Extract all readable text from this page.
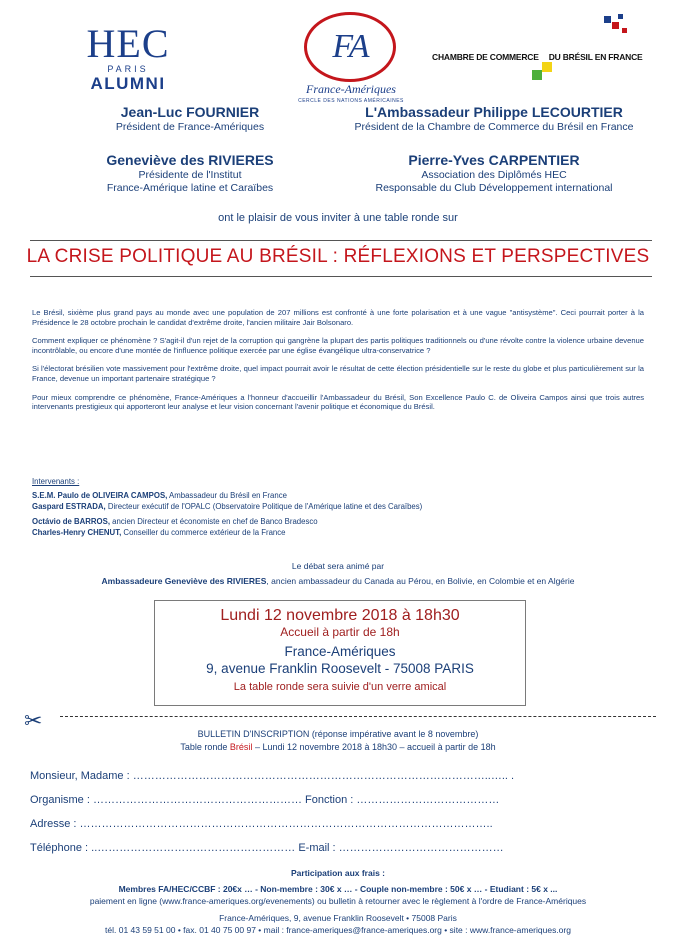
HEC
PARIS
ALUMNI
FA
France-Amériques
CERCLE DES NATIONS AMÉRICAINES
CHAMBRE DE COMMERCE DU BRÉSIL EN FRANCE
Jean-Luc FOURNIER
Président de France-Amériques
L'Ambassadeur Philippe LECOURTIER
Président de la Chambre de Commerce du Brésil en France
Geneviève des RIVIERES
Présidente de l'Institut
France-Amérique latine et Caraïbes
Pierre-Yves CARPENTIER
Association des Diplômés HEC
Responsable du Club Développement international
ont le plaisir de vous inviter à une table ronde sur
LA CRISE POLITIQUE AU BRÉSIL : RÉFLEXIONS ET PERSPECTIVES

Le Brésil, sixième plus grand pays au monde avec une population de 207 millions est confronté à une forte polarisation et à une vague "antisystème". Ceci pourrait porter à la Présidence le 28 octobre prochain le candidat d'extrême droite, l'ancien militaire Jair Bolsonaro.

Comment expliquer ce phénomène ? S'agit-il d'un rejet de la corruption qui gangrène la plupart des partis politiques traditionnels ou d'une révolte contre la violence urbaine devenue incontrôlable, ou encore d'une montée de l'influence politique exercée par une église évangélique ultra-conservatrice ?

Si l'électorat brésilien vote massivement pour l'extrême droite, quel impact pourrait avoir le résultat de cette élection présidentielle sur le reste du globe et plus particulièrement sur la France, devenue un important partenaire stratégique ?

Pour mieux comprendre ce phénomène, France-Amériques a l'honneur d'accueillir l'Ambassadeur du Brésil, Son Excellence Paulo C. de Oliveira Campos ainsi que trois autres intervenants prestigieux qui apporteront leur analyse et leur vision concernant l'avenir politique et économique du Brésil.

Intervenants :
S.E.M. Paulo de OLIVEIRA CAMPOS, Ambassadeur du Brésil en France
Gaspard ESTRADA, Directeur exécutif de l'OPALC (Observatoire Politique de l'Amérique latine et des Caraïbes)
Octávio de BARROS, ancien Directeur et économiste en chef de Banco Bradesco
Charles-Henry CHENUT, Conseiller du commerce extérieur de la France
Le débat sera animé par
Ambassadeure Geneviève des RIVIERES, ancien ambassadeur du Canada au Pérou, en Bolivie, en Colombie et en Algérie
Lundi 12 novembre 2018 à 18h30
Accueil à partir de 18h
France-Amériques
9, avenue Franklin Roosevelt - 75008 PARIS
La table ronde sera suivie d'un verre amical
✂
BULLETIN D'INSCRIPTION (réponse impérative avant le 8 novembre)
Table ronde Brésil – Lundi 12 novembre 2018 à 18h30 – accueil à partir de 18h
Monsieur, Madame : ……………………………………………………………………………………..….. .
Organisme : ………………………………………………… Fonction : …………………………………
Adresse : …………………………………………………………………………………………………..
Téléphone : ..……………………………………………… E-mail : ………………………………………
Participation aux frais :
Membres FA/HEC/CCBF : 20€x … - Non-membre : 30€ x … - Couple non-membre : 50€ x … - Etudiant : 5€ x ...
paiement en ligne (www.france-ameriques.org/evenements) ou bulletin à retourner avec le règlement à l'ordre de France-Amériques
France-Amériques, 9, avenue Franklin Roosevelt • 75008 Paris
tél. 01 43 59 51 00 • fax. 01 40 75 00 97 • mail : france-ameriques@france-ameriques.org • site : www.france-ameriques.org
